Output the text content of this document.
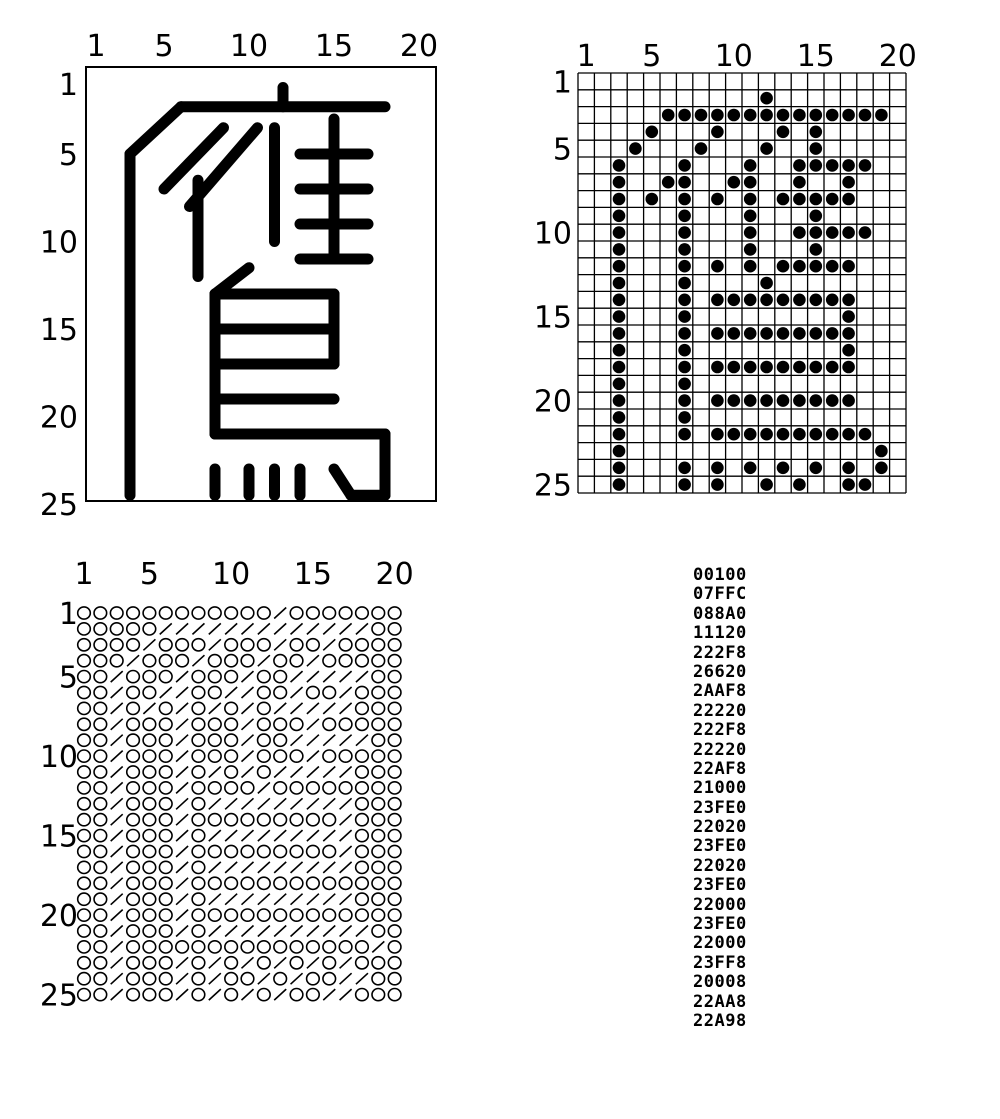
1 5 10 15 20
1
5
10
15
20
25
1 5 10 15 20
1
5
10
15
20
25
1 5 10 15 20
1
5
10
15
20
25
00100
07FFC
088A0
11120
222F8
26620
2AAF8
22220
222F8
22220
22AF8
21000
23FE0
22020
23FE0
22020
23FE0
22000
23FE0
22000
23FF8
20008
22AA8
22A98
